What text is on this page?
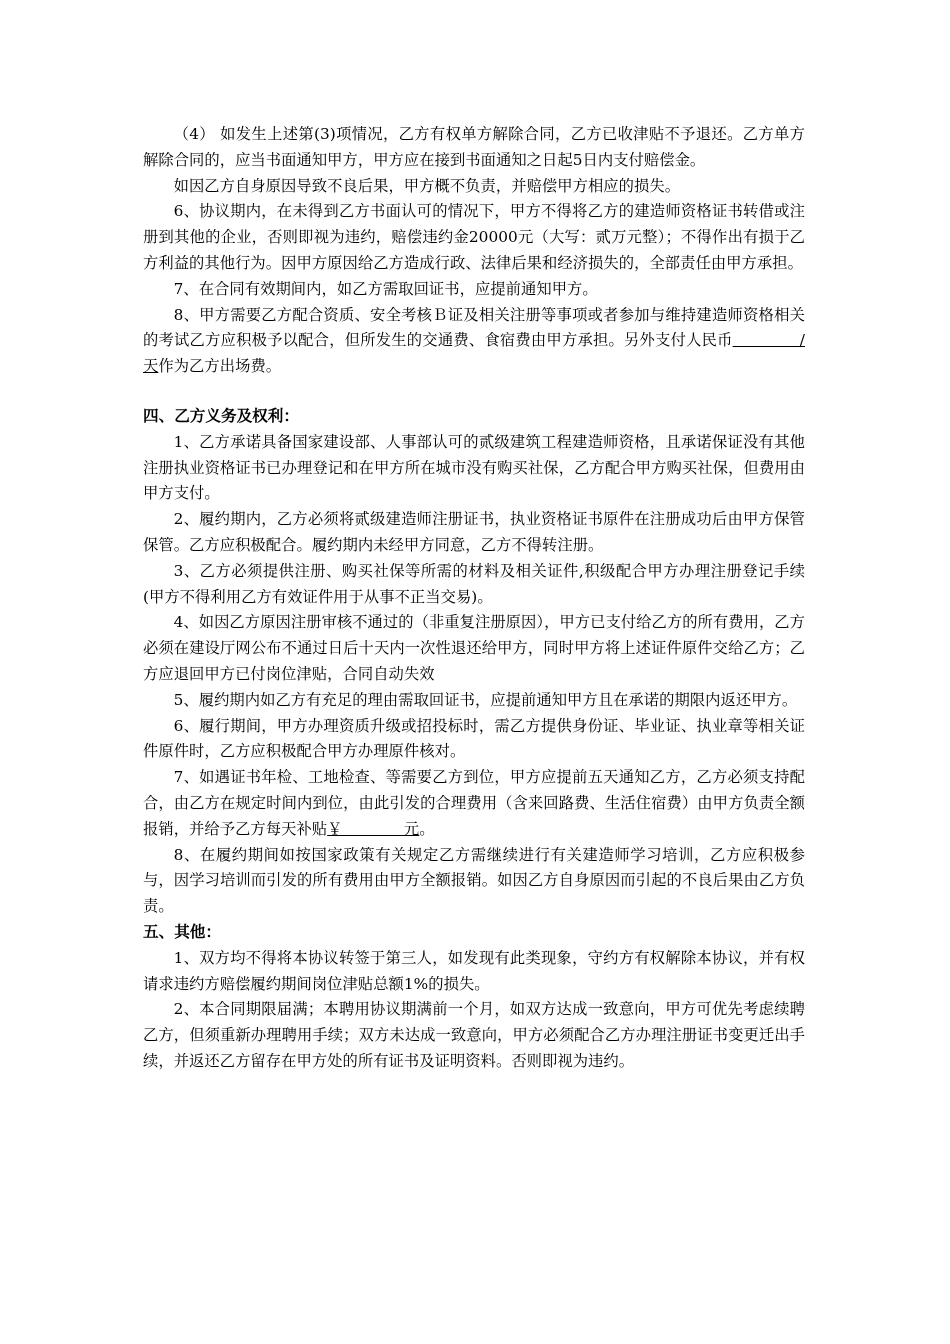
（4） 如发生上述第(3)项情况，乙方有权单方解除合同，乙方已收津贴不予退还。乙方单方解除合同的，应当书面通知甲方，甲方应在接到书面通知之日起5日内支付赔偿金。

如因乙方自身原因导致不良后果，甲方概不负责，并赔偿甲方相应的损失。

6、协议期内，在未得到乙方书面认可的情况下，甲方不得将乙方的建造师资格证书转借或注册到其他的企业，否则即视为违约，赔偿违约金20000元（大写：贰万元整）；不得作出有损于乙方利益的其他行为。因甲方原因给乙方造成行政、法律后果和经济损失的，全部责任由甲方承担。

7、在合同有效期间内，如乙方需取回证书，应提前通知甲方。

8、甲方需要乙方配合资质、安全考核Ｂ证及相关注册等事项或者参加与维持建造师资格相关的考试乙方应积极予以配合，但所发生的交通费、食宿费由甲方承担。另外支付人民币　　　　 /天作为乙方出场费。

四、乙方义务及权利：

1、乙方承诺具备国家建设部、人事部认可的贰级建筑工程建造师资格，且承诺保证没有其他注册执业资格证书已办理登记和在甲方所在城市没有购买社保，乙方配合甲方购买社保，但费用由甲方支付。

2、履约期内，乙方必须将贰级建造师注册证书，执业资格证书原件在注册成功后由甲方保管保管。乙方应积极配合。履约期内未经甲方同意，乙方不得转注册。

3、乙方必须提供注册、购买社保等所需的材料及相关证件,积级配合甲方办理注册登记手续(甲方不得利用乙方有效证件用于从事不正当交易)。

4、如因乙方原因注册审核不通过的（非重复注册原因），甲方已支付给乙方的所有费用，乙方必须在建设厅网公布不通过日后十天内一次性退还给甲方，同时甲方将上述证件原件交给乙方；乙方应退回甲方已付岗位津贴，合同自动失效

5、履约期内如乙方有充足的理由需取回证书，应提前通知甲方且在承诺的期限内返还甲方。

6、履行期间，甲方办理资质升级或招投标时，需乙方提供身份证、毕业证、执业章等相关证件原件时，乙方应积极配合甲方办理原件核对。

7、如遇证书年检、工地检查、等需要乙方到位，甲方应提前五天通知乙方，乙方必须支持配合，由乙方在规定时间内到位，由此引发的合理费用（含来回路费、生活住宿费）由甲方负责全额报销，并给予乙方每天补贴￥　　　　元。

8、在履约期间如按国家政策有关规定乙方需继续进行有关建造师学习培训，乙方应积极参与，因学习培训而引发的所有费用由甲方全额报销。如因乙方自身原因而引起的不良后果由乙方负责。

五、其他：

1、双方均不得将本协议转签于第三人，如发现有此类现象，守约方有权解除本协议，并有权请求违约方赔偿履约期间岗位津贴总额1%的损失。

2、本合同期限届满；本聘用协议期满前一个月，如双方达成一致意向，甲方可优先考虑续聘乙方，但须重新办理聘用手续；双方未达成一致意向，甲方必须配合乙方办理注册证书变更迁出手续，并返还乙方留存在甲方处的所有证书及证明资料。否则即视为违约。
